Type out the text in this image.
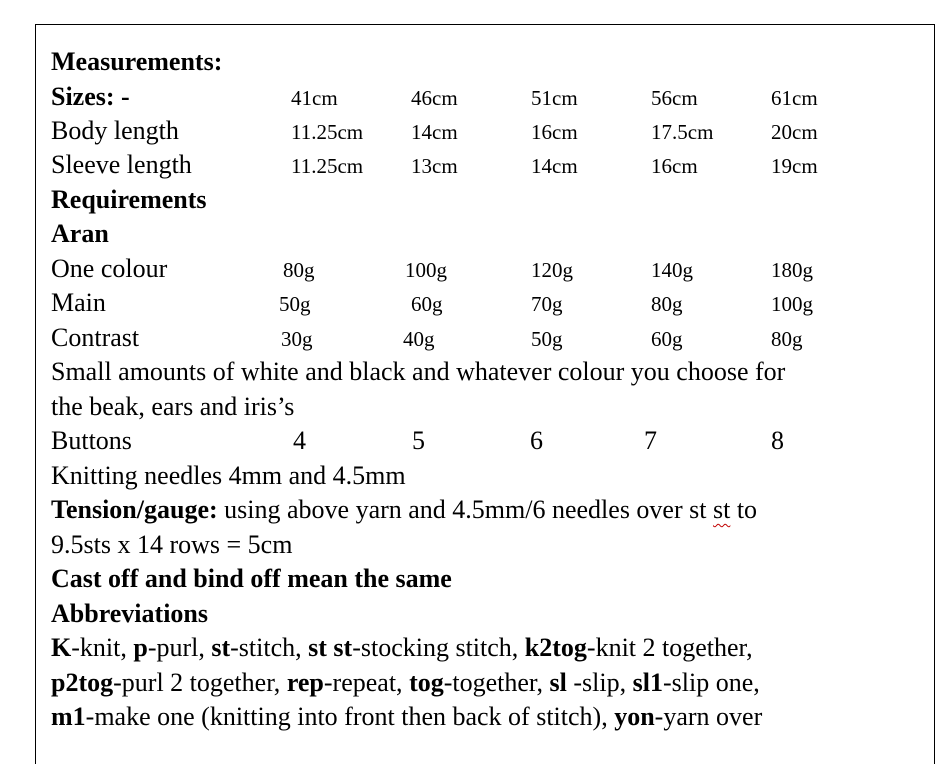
Measurements:
Sizes: -	41cm	46cm	51cm	56cm	61cm
Body length	11.25cm 14cm	16cm	17.5cm	20cm
Sleeve length	11.25cm 13cm	14cm	16cm	19cm
Requirements
Aran
One colour	80g	100g	120g	140g	180g
Main	50g	60g	70g	80g	100g
Contrast	30g	40g	50g	60g	80g
Small amounts of white and black and whatever colour you choose for
the beak, ears and iris’s
Buttons	4	5	6	7	8
Knitting needles 4mm and 4.5mm
Tension/gauge: using above yarn and 4.5mm/6 needles over st st to
9.5sts x 14 rows = 5cm
Cast off and bind off mean the same
Abbreviations
K-knit, p-purl, st-stitch, st st-stocking stitch, k2tog-knit 2 together,
p2tog-purl 2 together, rep-repeat, tog-together, sl -slip, sl1-slip one,
m1-make one (knitting into front then back of stitch), yon-yarn over
